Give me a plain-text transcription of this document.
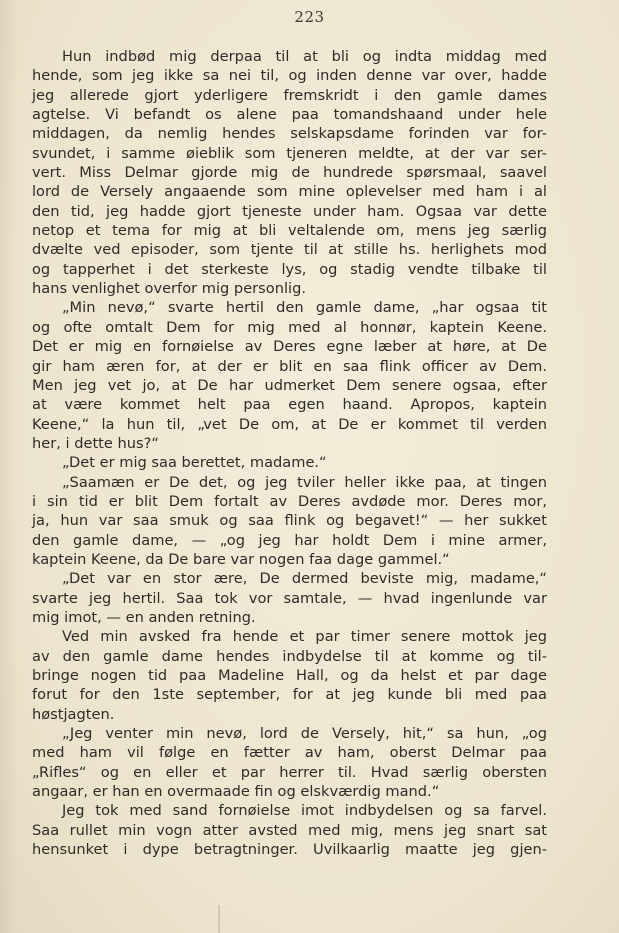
223
Hun indbød mig derpaa til at bli og indta middag med
hende, som jeg ikke sa nei til, og inden denne var over, hadde
jeg allerede gjort yderligere fremskridt i den gamle dames
agtelse. Vi befandt os alene paa tomandshaand under hele
middagen, da nemlig hendes selskapsdame forinden var for-
svundet, i samme øieblik som tjeneren meldte, at der var ser-
vert. Miss Delmar gjorde mig de hundrede spørsmaal, saavel
lord de Versely angaaende som mine oplevelser med ham i al
den tid, jeg hadde gjort tjeneste under ham. Ogsaa var dette
netop et tema for mig at bli veltalende om, mens jeg særlig
dvælte ved episoder, som tjente til at stille hs. herlighets mod
og tapperhet i det sterkeste lys, og stadig vendte tilbake til
hans venlighet overfor mig personlig.
„Min nevø,“ svarte hertil den gamle dame, „har ogsaa tit
og ofte omtalt Dem for mig med al honnør, kaptein Keene.
Det er mig en fornøielse av Deres egne læber at høre, at De
gir ham æren for, at der er blit en saa flink officer av Dem.
Men jeg vet jo, at De har udmerket Dem senere ogsaa, efter
at være kommet helt paa egen haand. Apropos, kaptein
Keene,“ la hun til, „vet De om, at De er kommet til verden
her, i dette hus?“
„Det er mig saa berettet, madame.“
„Saamæn er De det, og jeg tviler heller ikke paa, at tingen
i sin tid er blit Dem fortalt av Deres avdøde mor. Deres mor,
ja, hun var saa smuk og saa flink og begavet!“ — her sukket
den gamle dame, — „og jeg har holdt Dem i mine armer,
kaptein Keene, da De bare var nogen faa dage gammel.“
„Det var en stor ære, De dermed beviste mig, madame,“
svarte jeg hertil. Saa tok vor samtale, — hvad ingenlunde var
mig imot, — en anden retning.
Ved min avsked fra hende et par timer senere mottok jeg
av den gamle dame hendes indbydelse til at komme og til-
bringe nogen tid paa Madeline Hall, og da helst et par dage
forut for den 1ste september, for at jeg kunde bli med paa
høstjagten.
„Jeg venter min nevø, lord de Versely, hit,“ sa hun, „og
med ham vil følge en fætter av ham, oberst Delmar paa
„Rifles“ og en eller et par herrer til. Hvad særlig obersten
angaar, er han en overmaade fin og elskværdig mand.“
Jeg tok med sand fornøielse imot indbydelsen og sa farvel.
Saa rullet min vogn atter avsted med mig, mens jeg snart sat
hensunket i dype betragtninger. Uvilkaarlig maatte jeg gjen-
